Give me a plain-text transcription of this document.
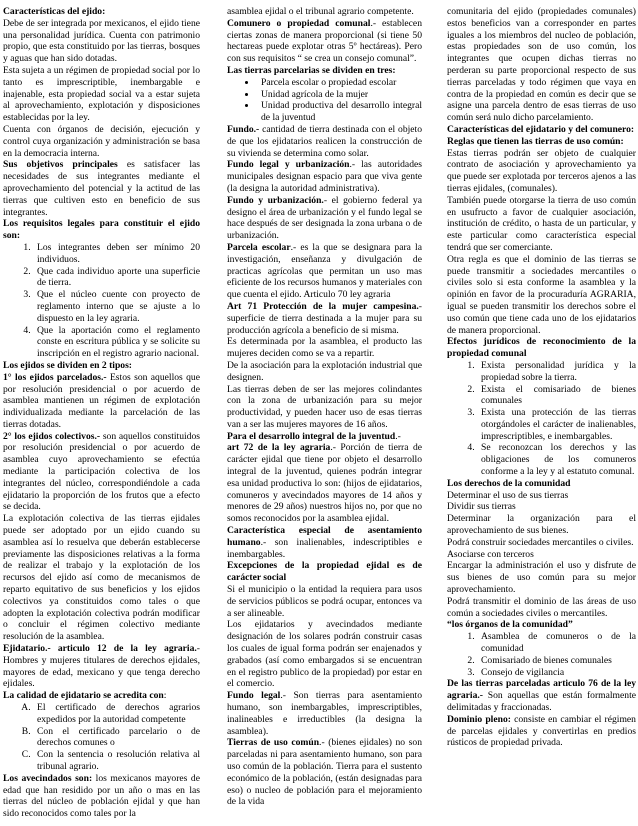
Características del ejido:

Debe de ser integrada por mexicanos, el ejido tiene una personalidad jurídica. Cuenta con patrimonio propio, que esta constituido por las tierras, bosques y aguas que han sido dotadas.

Esta sujeta a un régimen de propiedad social por lo tanto es imprescriptible, inembargable e inajenable, esta propiedad social va a estar sujeta al aprovechamiento, explotación y disposiciones establecidas por la ley.

Cuenta con órganos de decisión, ejecución y control cuya organización y administración se basa en la democracia interna.

Sus objetivos principales es satisfacer las necesidades de sus integrantes mediante el aprovechamiento del potencial y la actitud de las tierras que cultiven esto en beneficio de sus integrantes.

Los requisitos legales para constituir el ejido son:

1. Los integrantes deben ser mínimo 20 individuos.
2. Que cada individuo aporte una superficie de tierra.
3. Que el núcleo cuente con proyecto de reglamento interno que se ajuste a lo dispuesto en la ley agraria.
4. Que la aportación como el reglamento conste en escritura pública y se solicite su inscripción en el registro agrario nacional.

Los ejidos se dividen en 2 tipos:

1° los ejidos parcelados.- Estos son aquellos que por resolución presidencial o por acuerdo de asamblea mantienen un régimen de explotación individualizada mediante la parcelación de las tierras dotadas.

2° los ejidos colectivos.- son aquellos constituidos por resolución presidencial o por acuerdo de asamblea cuyo aprovechamiento se efectúa mediante la participación colectiva de los integrantes del núcleo, correspondiéndole a cada ejidatario la proporción de los frutos que a efecto se decida.

La explotación colectiva de las tierras ejidales puede ser adoptado por un ejido cuando su asamblea así lo resuelva que deberán establecerse previamente las disposiciones relativas a la forma de realizar el trabajo y la explotación de los recursos del ejido así como de mecanismos de reparto equitativo de sus beneficios y los ejidos colectivos ya constituidos como tales o que adopten la explotación colectiva podrán modificar o concluir el régimen colectivo mediante resolución de la asamblea.

Ejidatario.- articulo 12 de la ley agraria.- Hombres y mujeres titulares de derechos ejidales, mayores de edad, mexicano y que tenga derecho ejidales.

La calidad de ejidatario se acredita con:

A. El certificado de derechos agrarios expedidos por la autoridad competente
B. Con el certificado parcelario o de derechos comunes o
C. Con la sentencia o resolución relativa al tribunal agrario.

Los avecindados son: los mexicanos mayores de edad que han residido por un año o mas en las tierras del núcleo de población ejidal y que han sido reconocidos como tales por la

asamblea ejidal o el tribunal agrario competente.

Comunero o propiedad comunal.- establecen ciertas zonas de manera proporcional (si tiene 50 hectareas puede explotar otras 5º hectáreas). Pero con sus requisitos “ se crea un consejo comunal”.

Las tierras parcelarias se dividen en tres:

• Parcela escolar o propiedad escolar
• Unidad agrícola de la mujer
• Unidad productiva del desarrollo integral de la juventud

Fundo.- cantidad de tierra destinada con el objeto de que los ejidatarios realicen la construcción de su vivienda se determina como solar.

Fundo legal y urbanización.- las autoridades municipales designan espacio para que viva gente (la designa la autoridad administrativa).

Fundo y urbanización.- el gobierno federal ya designo el área de urbanización y el fundo legal se hace después de ser designada la zona urbana o de urbanización.

Parcela escolar.- es la que se designara para la investigación, enseñanza y divulgación de practicas agrícolas que permitan un uso mas eficiente de los recursos humanos y materiales con que cuenta el ejido. Articulo 70 ley agraria

Art 71 Protección de la mujer campesina.- superficie de tierra destinada a la mujer para su producción agrícola a beneficio de si misma.

Es determinada por la asamblea, el producto las mujeres deciden como se va a repartir.

De la asociación para la explotación industrial que designen.

Las tierras deben de ser las mejores colindantes con la zona de urbanización para su mejor productividad, y pueden hacer uso de esas tierras van a ser las mujeres mayores de 16 años.

Para el desarrollo integral de la juventud.-

art 72 de la ley agraria.- Porción de tierra de carácter ejidal que tiene por objeto el desarrollo integral de la juventud, quienes podrán integrar esa unidad productiva lo son: (hijos de ejidatarios, comuneros y avecindados mayores de 14 años y menores de 29 años) nuestros hijos no, por que no somos reconocidos por la asamblea ejidal.

Característica especial de asentamiento humano.- son inalienables, indescriptibles e inembargables.

Excepciones de la propiedad ejidal es de carácter social

Si el municipio o la entidad la requiera para usos de servicios públicos se podrá ocupar, entonces va a ser alineable.

Los ejidatarios y avecindados mediante designación de los solares podrán construir casas los cuales de igual forma podrán ser enajenados y grabados (así como embargados si se encuentran en el registro publico de la propiedad) por estar en el comercio.

Fundo legal.- Son tierras para asentamiento humano, son inembargables, imprescriptibles, inalineables e irreductibles (la designa la asamblea).

Tierras de uso común.- (bienes ejidales) no son parceladas ni para asentamiento humano, son para uso común de la población. Tierra para el sustento económico de la población, (están designadas para eso) o nucleo de población para el mejoramiento de la vida

comunitaria del ejido (propiedades comunales) estos beneficios van a corresponder en partes iguales a los miembros del nucleo de población, estas propiedades son de uso común, los integrantes que ocupen dichas tierras no perderan su parte proporcional respecto de sus tierras parceladas y todo régimen que vaya en contra de la propiedad en común es decir que se asigne una parcela dentro de esas tierras de uso común será nulo dicho parcelamiento.

Características del ejidatario y del comunero:

Reglas que tienen las tierras de uso común:

Estas tierras podrán ser objeto de cualquier contrato de asociación y aprovechamiento ya que puede ser explotada por terceros ajenos a las tierras ejidales, (comunales).

También puede otorgarse la tierra de uso común en usufructo a favor de cualquier asociación, institución de crédito, o hasta de un particular, y este particular como característica especial tendrá que ser comerciante.

Otra regla es que el dominio de las tierras se puede transmitir a sociedades mercantiles o civiles solo si esta conforme la asamblea y la opinión en favor de la procuraduría AGRARIA, igual se pueden transmitir los derechos sobre el uso común que tiene cada uno de los ejidatarios de manera proporcional.

Efectos jurídicos de reconocimiento de la propiedad comunal

1. Exista personalidad jurídica y la propiedad sobre la tierra.
2. Exista el comisariado de bienes comunales
3. Exista una protección de las tierras otorgándoles el carácter de inalienables, imprescriptibles, e inembargables.
4. Se reconozcan los derechos y las obligaciones de los comuneros conforme a la ley y al estatuto comunal.

Los derechos de la comunidad

Determinar el uso de sus tierras

Dividir sus tierras

Determinar la organización para el aprovechamiento de sus bienes.

Podrá construir sociedades mercantiles o civiles.

Asociarse con terceros

Encargar la administración el uso y disfrute de sus bienes de uso común para su mejor aprovechamiento.

Podrá transmitir el dominio de las áreas de uso común a sociedades civiles o mercantiles.

“los órganos de la comunidad”

1. Asamblea de comuneros o de la comunidad
2. Comisariado de bienes comunales
3. Consejo de vigilancia

De las tierras parceladas articulo 76 de la ley agraria.- Son aquellas que están formalmente delimitadas y fraccionadas.

Dominio pleno: consiste en cambiar el régimen de parcelas ejidales y convertirlas en predios rústicos de propiedad privada.
